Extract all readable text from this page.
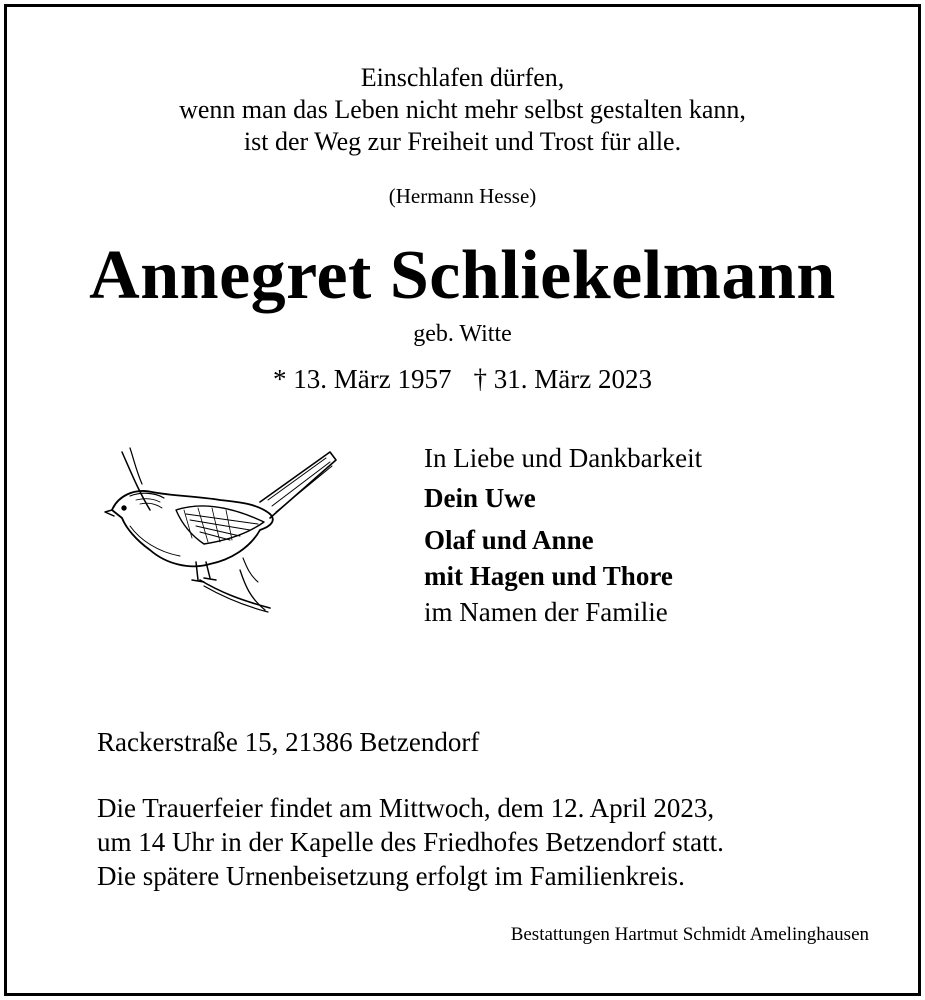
Einschlafen dürfen,
wenn man das Leben nicht mehr selbst gestalten kann,
ist der Weg zur Freiheit und Trost für alle.
(Hermann Hesse)
Annegret Schliekelmann
geb. Witte
* 13. März 1957 † 31. März 2023
In Liebe und Dankbarkeit
Dein Uwe
Olaf und Anne
mit Hagen und Thore
im Namen der Familie
Rackerstraße 15, 21386 Betzendorf
Die Trauerfeier findet am Mittwoch, dem 12. April 2023,
um 14 Uhr in der Kapelle des Friedhofes Betzendorf statt.
Die spätere Urnenbeisetzung erfolgt im Familienkreis.
Bestattungen Hartmut Schmidt Amelinghausen
